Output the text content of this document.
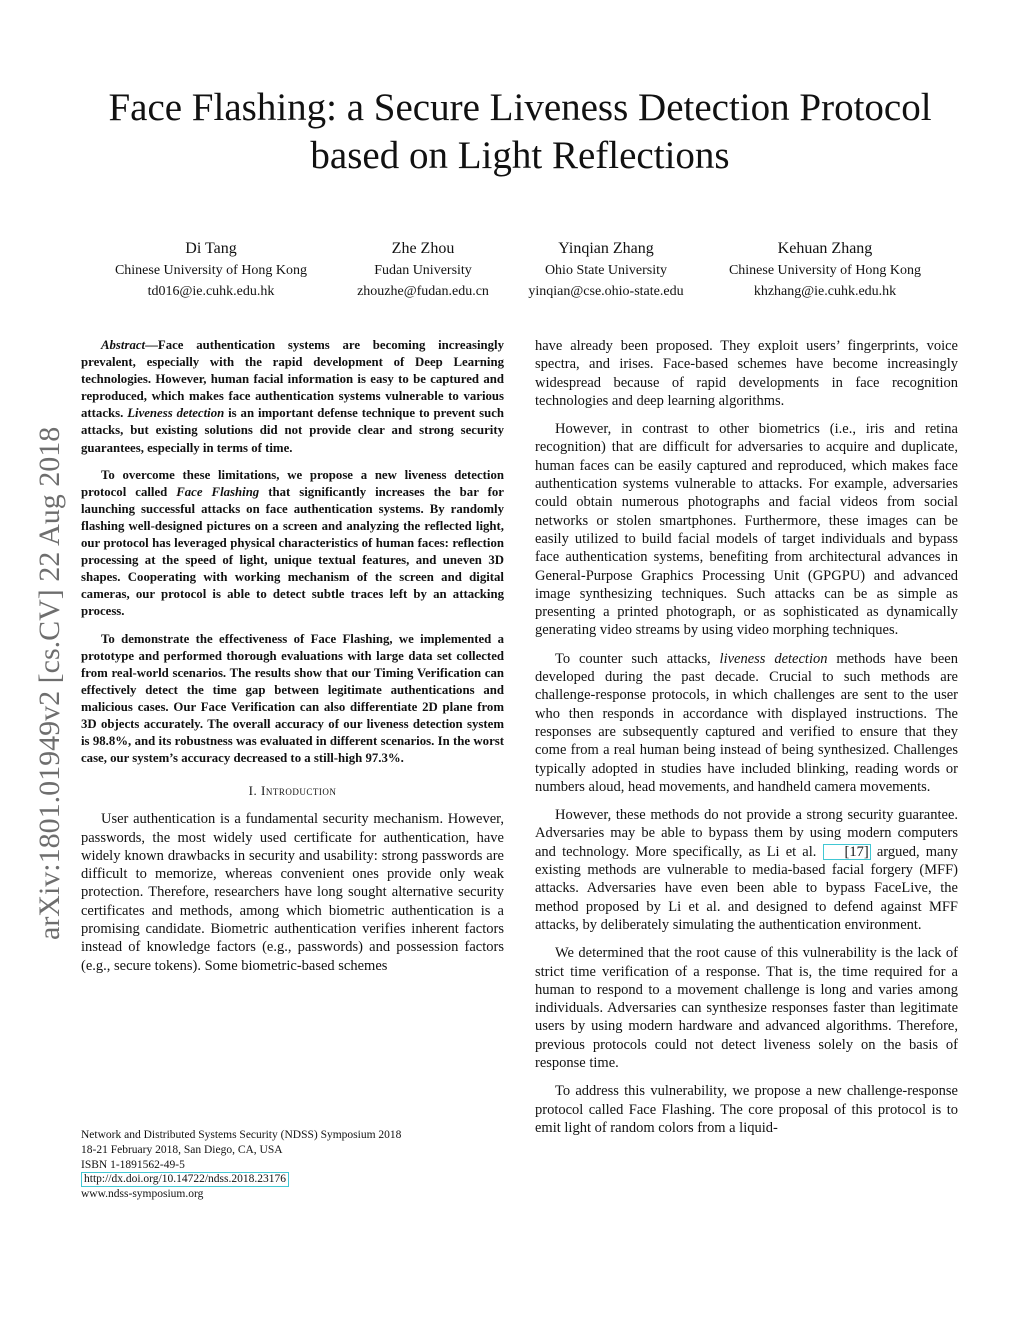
arXiv:1801.01949v2 [cs.CV] 22 Aug 2018
Face Flashing: a Secure Liveness Detection Protocol based on Light Reflections
Di Tang
Chinese University of Hong Kong
td016@ie.cuhk.edu.hk
Zhe Zhou
Fudan University
zhouzhe@fudan.edu.cn
Yinqian Zhang
Ohio State University
yinqian@cse.ohio-state.edu
Kehuan Zhang
Chinese University of Hong Kong
khzhang@ie.cuhk.edu.hk

Abstract—Face authentication systems are becoming increasingly prevalent, especially with the rapid development of Deep Learning technologies. However, human facial information is easy to be captured and reproduced, which makes face authentication systems vulnerable to various attacks. Liveness detection is an important defense technique to prevent such attacks, but existing solutions did not provide clear and strong security guarantees, especially in terms of time.

To overcome these limitations, we propose a new liveness detection protocol called Face Flashing that significantly increases the bar for launching successful attacks on face authentication systems. By randomly flashing well-designed pictures on a screen and analyzing the reflected light, our protocol has leveraged physical characteristics of human faces: reflection processing at the speed of light, unique textual features, and uneven 3D shapes. Cooperating with working mechanism of the screen and digital cameras, our protocol is able to detect subtle traces left by an attacking process.

To demonstrate the effectiveness of Face Flashing, we implemented a prototype and performed thorough evaluations with large data set collected from real-world scenarios. The results show that our Timing Verification can effectively detect the time gap between legitimate authentications and malicious cases. Our Face Verification can also differentiate 2D plane from 3D objects accurately. The overall accuracy of our liveness detection system is 98.8%, and its robustness was evaluated in different scenarios. In the worst case, our system’s accuracy decreased to a still-high 97.3%.

I. Introduction

User authentication is a fundamental security mechanism. However, passwords, the most widely used certificate for authentication, have widely known drawbacks in security and usability: strong passwords are difficult to memorize, whereas convenient ones provide only weak protection. Therefore, researchers have long sought alternative security certificates and methods, among which biometric authentication is a promising candidate. Biometric authentication verifies inherent factors instead of knowledge factors (e.g., passwords) and possession factors (e.g., secure tokens). Some biometric-based schemes

Network and Distributed Systems Security (NDSS) Symposium 2018
18-21 February 2018, San Diego, CA, USA
ISBN 1-1891562-49-5
http://dx.doi.org/10.14722/ndss.2018.23176
www.ndss-symposium.org

have already been proposed. They exploit users’ fingerprints, voice spectra, and irises. Face-based schemes have become increasingly widespread because of rapid developments in face recognition technologies and deep learning algorithms.

However, in contrast to other biometrics (i.e., iris and retina recognition) that are difficult for adversaries to acquire and duplicate, human faces can be easily captured and reproduced, which makes face authentication systems vulnerable to attacks. For example, adversaries could obtain numerous photographs and facial videos from social networks or stolen smartphones. Furthermore, these images can be easily utilized to build facial models of target individuals and bypass face authentication systems, benefiting from architectural advances in General-Purpose Graphics Processing Unit (GPGPU) and advanced image synthesizing techniques. Such attacks can be as simple as presenting a printed photograph, or as sophisticated as dynamically generating video streams by using video morphing techniques.

To counter such attacks, liveness detection methods have been developed during the past decade. Crucial to such methods are challenge-response protocols, in which challenges are sent to the user who then responds in accordance with displayed instructions. The responses are subsequently captured and verified to ensure that they come from a real human being instead of being synthesized. Challenges typically adopted in studies have included blinking, reading words or numbers aloud, head movements, and handheld camera movements.

However, these methods do not provide a strong security guarantee. Adversaries may be able to bypass them by using modern computers and technology. More specifically, as Li et al. [17] argued, many existing methods are vulnerable to media-based facial forgery (MFF) attacks. Adversaries have even been able to bypass FaceLive, the method proposed by Li et al. and designed to defend against MFF attacks, by deliberately simulating the authentication environment.

We determined that the root cause of this vulnerability is the lack of strict time verification of a response. That is, the time required for a human to respond to a movement challenge is long and varies among individuals. Adversaries can synthesize responses faster than legitimate users by using modern hardware and advanced algorithms. Therefore, previous protocols could not detect liveness solely on the basis of response time.

To address this vulnerability, we propose a new challenge-response protocol called Face Flashing. The core proposal of this protocol is to emit light of random colors from a liquid-
